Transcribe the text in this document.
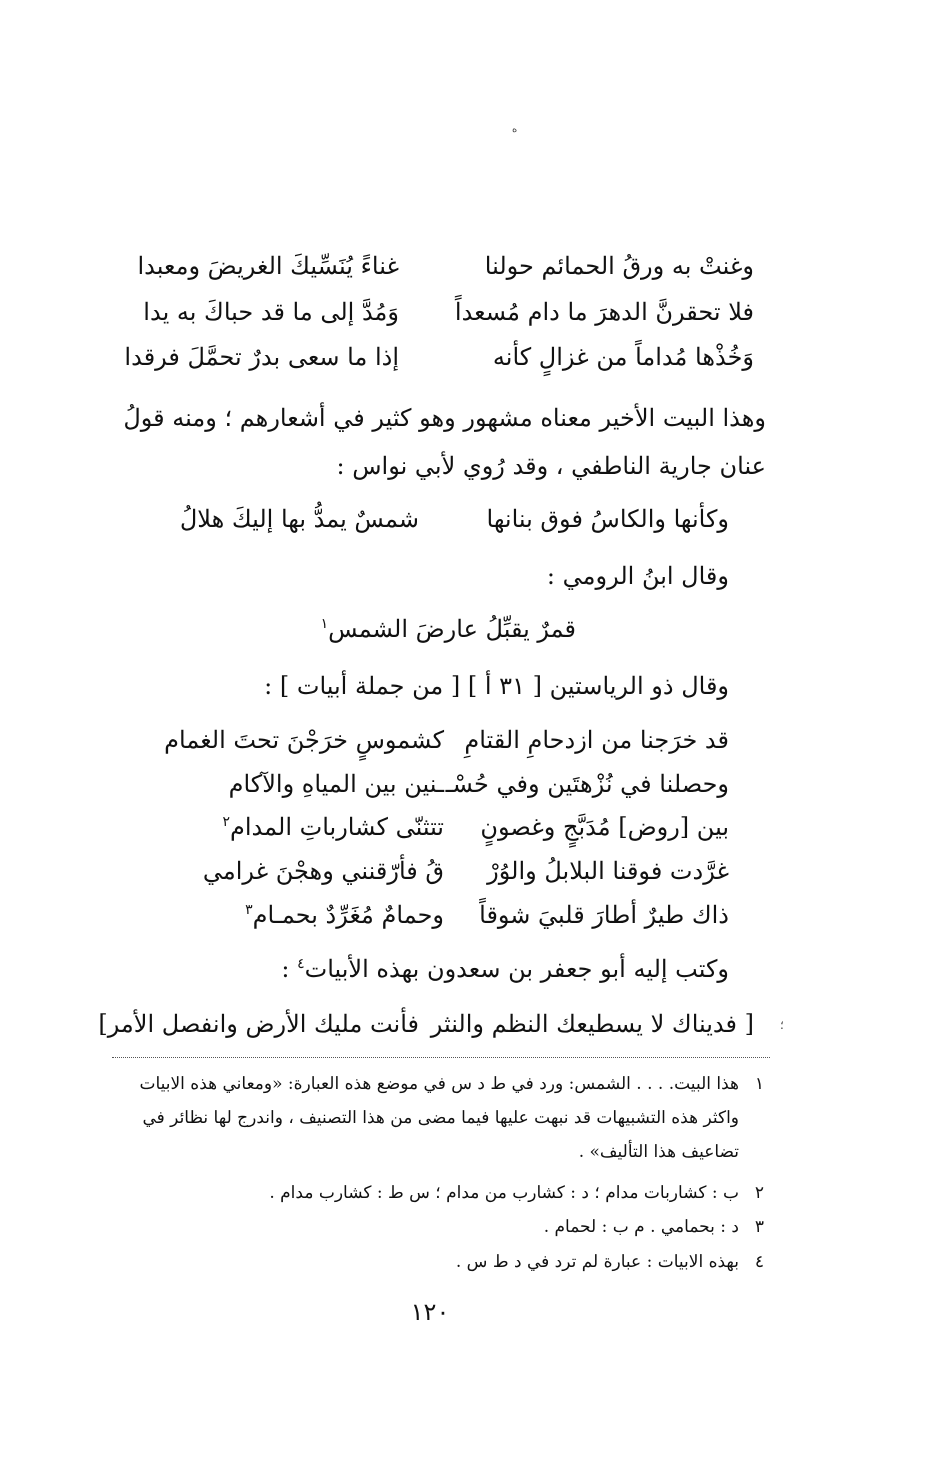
ه
وغنتْ به ورقُ الحمائم حولنا
غناءً يُنَسِّيكَ الغريضَ ومعبدا
فلا تحقرنَّ الدهرَ ما دام مُسعداً
وَمُدَّ إلى ما قد حباكَ به يدا
وَخُذْها مُداماً من غزالٍ كأنه
إذا ما سعى بدرٌ تحمَّلَ فرقدا
وهذا البيت الأخير معناه مشهور وهو كثير في أشعارهم ؛ ومنه قولُ
عنان جارية الناطفي ، وقد رُوي لأبي نواس :
وكأنها والكاسُ فوق بنانها
شمسٌ يمدُّ بها إليكَ هلالُ
وقال ابنُ الرومي :
قمرٌ يقبِّلُ عارضَ الشمس$^١$
وقال ذو الرياستين [ ٣١ أ ] [ من جملة أبيات ] :
قد خرَجنا من ازدحامِ القتامِ
كشموسٍ خرَجْنَ تحتَ الغمام
وحصلنا في نُزْهتَين وفي حُسْـ
ـنين بين المياهِ والآكام
بين [روض] مُدَبَّجٍ وغصونٍ
تتثنّى كشارباتِ المدام$^٢$
غرَّدت فوقنا البلابلُ والوُرْ
قُ فأرّقنني وهجْنَ غرامي
ذاك طيرٌ أطارَ قلبيَ شوقاً
وحمامٌ مُغَرِّدٌ بحمـام$^٣$
وكتب إليه أبو جعفر بن سعدون بهذه الأبيات$^٤$ :
[ فديناك لا يسطيعك النظم والنثر
فأنت مليك الأرض وانفصل الأمر]	؛
١
هذا البيت. . . . الشمس: ورد في ط د س في موضع هذه العبارة: «ومعاني هذه الابيات
واكثر هذه التشبيهات قد نبهت عليها فيما مضى من هذا التصنيف ، واندرج لها نظائر في
تضاعيف هذا التأليف» .
٢
ب : كشاربات مدام ؛ د : كشارب من مدام ؛ س ط : كشارب مدام .
٣
د : بحمامي . م ب : لحمام .
٤
بهذه الابيات : عبارة لم ترد في د ط س .
١٢٠
